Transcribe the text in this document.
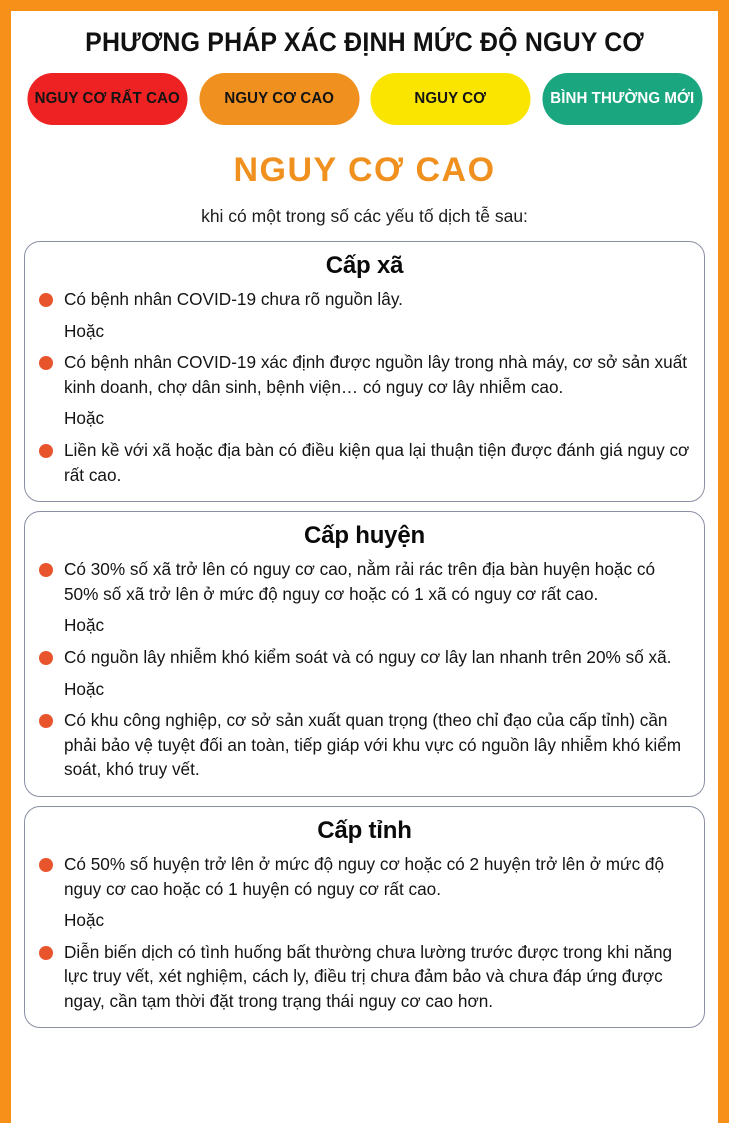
PHƯƠNG PHÁP XÁC ĐỊNH MỨC ĐỘ NGUY CƠ
NGUY CƠ RẤT CAO	NGUY CƠ CAO	NGUY CƠ	BÌNH THƯỜNG MỚI
NGUY CƠ CAO
khi có một trong số các yếu tố dịch tễ sau:
Cấp xã
Có bệnh nhân COVID-19 chưa rõ nguồn lây.
Hoặc
Có bệnh nhân COVID-19 xác định được nguồn lây trong nhà máy, cơ sở sản xuất kinh doanh, chợ dân sinh, bệnh viện… có nguy cơ lây nhiễm cao.
Hoặc
Liền kề với xã hoặc địa bàn có điều kiện qua lại thuận tiện được đánh giá nguy cơ rất cao.
Cấp huyện
Có 30% số xã trở lên có nguy cơ cao, nằm rải rác trên địa bàn huyện hoặc có 50% số xã trở lên ở mức độ nguy cơ hoặc có 1 xã có nguy cơ rất cao.
Hoặc
Có nguồn lây nhiễm khó kiểm soát và có nguy cơ lây lan nhanh trên 20% số xã.
Hoặc
Có khu công nghiệp, cơ sở sản xuất quan trọng (theo chỉ đạo của cấp tỉnh) cần phải bảo vệ tuyệt đối an toàn, tiếp giáp với khu vực có nguồn lây nhiễm khó kiểm soát, khó truy vết.
Cấp tỉnh
Có 50% số huyện trở lên ở mức độ nguy cơ hoặc có 2 huyện trở lên ở mức độ nguy cơ cao hoặc có 1 huyện có nguy cơ rất cao.
Hoặc
Diễn biến dịch có tình huống bất thường chưa lường trước được trong khi năng lực truy vết, xét nghiệm, cách ly, điều trị chưa đảm bảo và chưa đáp ứng được ngay, cần tạm thời đặt trong trạng thái nguy cơ cao hơn.
